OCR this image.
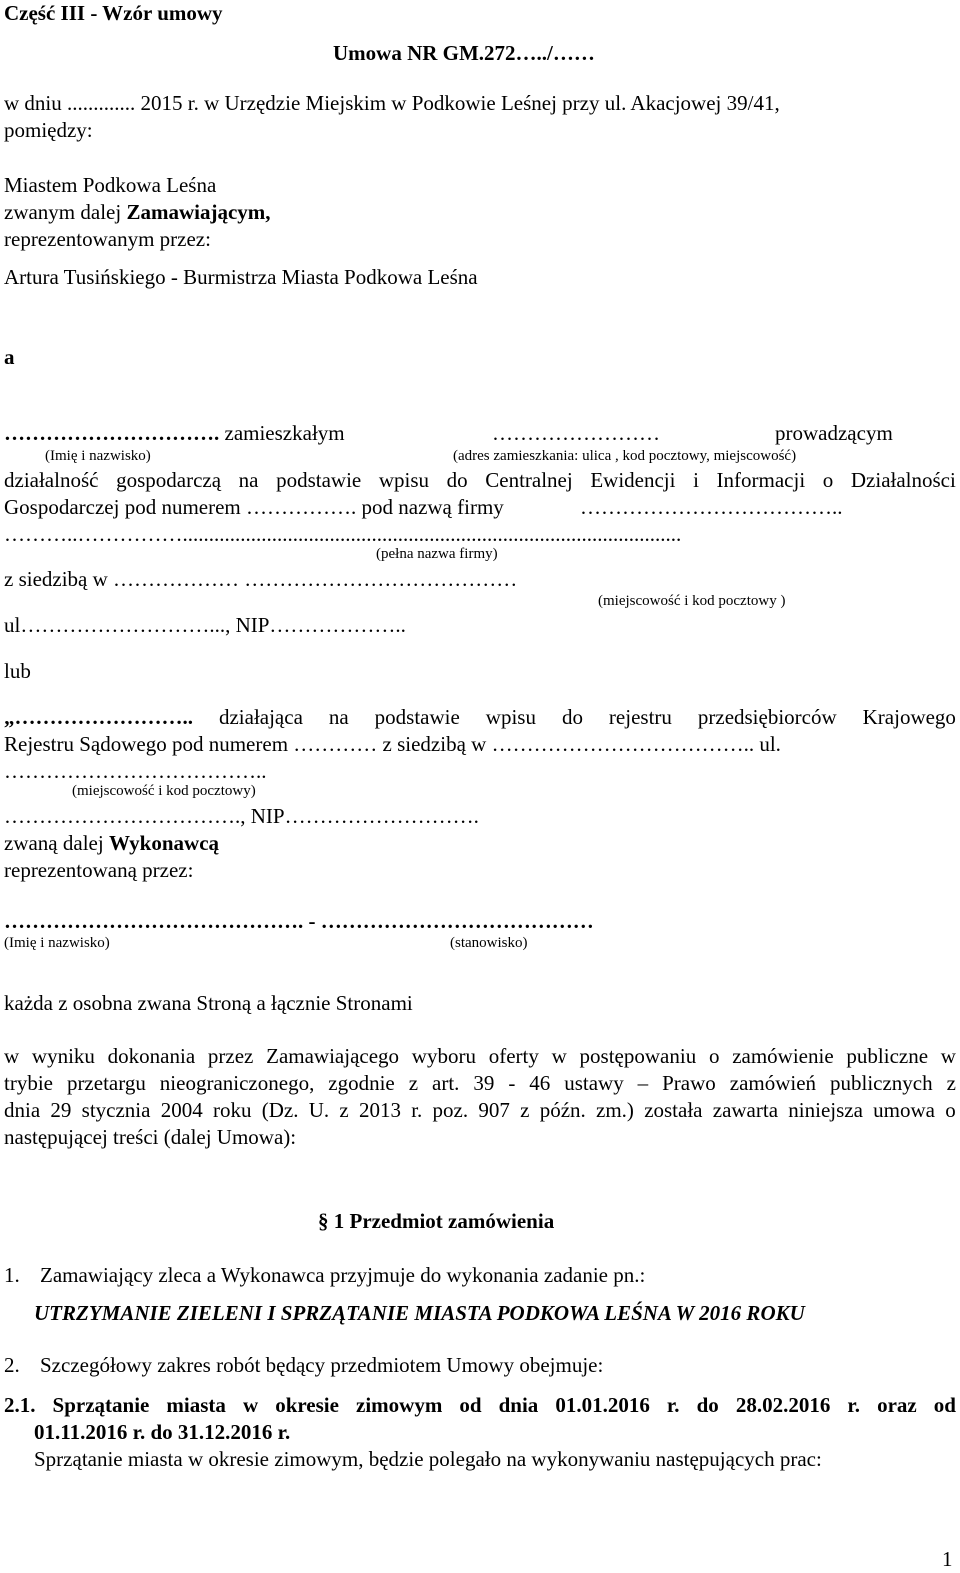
Część III - Wzór umowy
Umowa NR GM.272…../……
w dniu ............. 2015 r. w Urzędzie Miejskim w Podkowie Leśnej przy ul. Akacjowej 39/41,
pomiędzy:
Miastem Podkowa Leśna
zwanym dalej Zamawiającym,
reprezentowanym przez:
Artura Tusińskiego - Burmistrza Miasta Podkowa Leśna
a
…………………………. zamieszkałym	……………………	prowadzącym
(Imię i nazwisko)	(adres zamieszkania: ulica , kod pocztowy, miejscowość)
działalność gospodarczą na podstawie wpisu do Centralnej Ewidencji i Informacji o Działalności
Gospodarczej pod numerem ……………. pod nazwą firmy	………………………………..
………..……………...............................................................................................
(pełna nazwa firmy)
z siedzibą w ……………… …………………………………
(miejscowość i kod pocztowy )
ul………………………..., NIP………………..
lub
„…………………….. działająca na podstawie wpisu do rejestru przedsiębiorców Krajowego
Rejestru Sądowego pod numerem ………… z siedzibą w ……………………………….. ul.
………………………………..
(miejscowość i kod pocztowy)
……………………………., NIP……………………….
zwaną dalej Wykonawcą
reprezentowaną przez:
……………………………………. - …………………………………
(Imię i nazwisko)	(stanowisko)
każda z osobna zwana Stroną a łącznie Stronami
w wyniku dokonania przez Zamawiającego wyboru oferty w postępowaniu o zamówienie publiczne w
trybie przetargu nieograniczonego, zgodnie z art. 39 - 46 ustawy – Prawo zamówień publicznych z
dnia 29 stycznia 2004 roku (Dz. U. z 2013 r. poz. 907 z późn. zm.) została zawarta niniejsza umowa o
następującej treści (dalej Umowa):
§ 1 Przedmiot zamówienia
1. Zamawiający zleca a Wykonawca przyjmuje do wykonania zadanie pn.:
UTRZYMANIE ZIELENI I SPRZĄTANIE MIASTA PODKOWA LEŚNA W 2016 ROKU
2. Szczegółowy zakres robót będący przedmiotem Umowy obejmuje:
2.1. Sprzątanie miasta w okresie zimowym od dnia 01.01.2016 r. do 28.02.2016 r. oraz od
01.11.2016 r. do 31.12.2016 r.
Sprzątanie miasta w okresie zimowym, będzie polegało na wykonywaniu następujących prac:
1
